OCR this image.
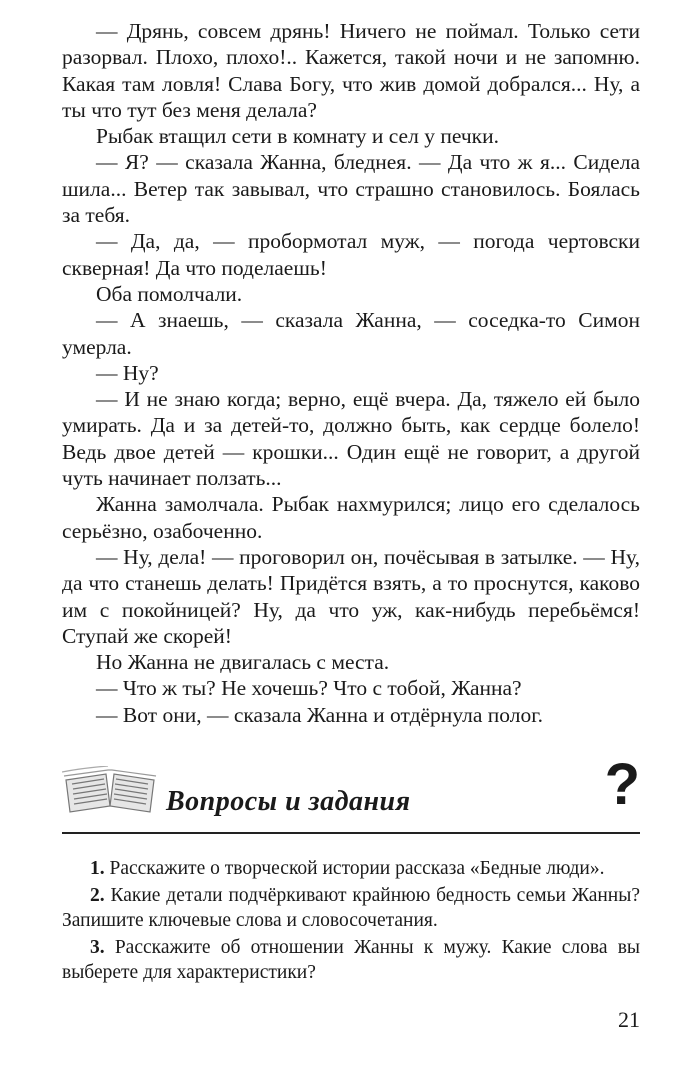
— Дрянь, совсем дрянь! Ничего не поймал. Только сети разорвал. Плохо, плохо!.. Кажется, такой ночи и не запомню. Какая там ловля! Слава Богу, что жив домой добрался... Ну, а ты что тут без меня делала?

Рыбак втащил сети в комнату и сел у печки.

— Я? — сказала Жанна, бледнея. — Да что ж я... Сидела шила... Ветер так завывал, что страшно становилось. Боялась за тебя.

— Да, да, — пробормотал муж, — погода чертовски скверная! Да что поделаешь!

Оба помолчали.

— А знаешь, — сказала Жанна, — соседка-то Симон умерла.

— Ну?

— И не знаю когда; верно, ещё вчера. Да, тяжело ей было умирать. Да и за детей-то, должно быть, как сердце болело! Ведь двое детей — крошки... Один ещё не говорит, а другой чуть начинает ползать...

Жанна замолчала. Рыбак нахмурился; лицо его сделалось серьёзно, озабоченно.

— Ну, дела! — проговорил он, почёсывая в затылке. — Ну, да что станешь делать! Придётся взять, а то проснутся, каково им с покойницей? Ну, да что уж, как-нибудь перебьёмся! Ступай же скорей!

Но Жанна не двигалась с места.

— Что ж ты? Не хочешь? Что с тобой, Жанна?

— Вот они, — сказала Жанна и отдёрнула полог.

Вопросы и задания	?

1. Расскажите о творческой истории рассказа «Бедные люди».

2. Какие детали подчёркивают крайнюю бедность семьи Жанны? Запишите ключевые слова и словосочетания.

3. Расскажите об отношении Жанны к мужу. Какие слова вы выберете для характеристики?

21
